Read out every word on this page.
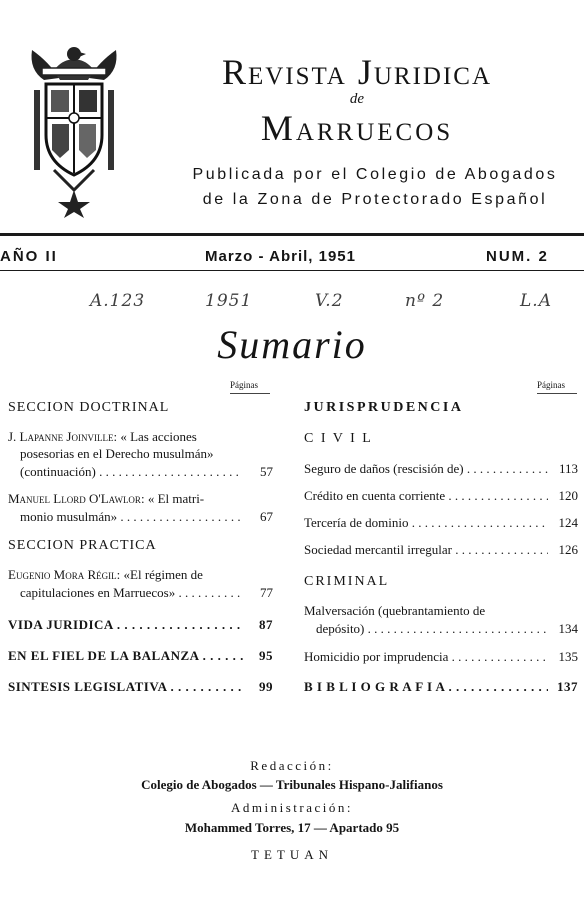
Revista Juridica
de
Marruecos
Publicada por el Colegio de Abogados
de la Zona de Protectorado Español
AÑO II	Marzo - Abril, 1951	NUM. 2
A.123	1951	V.2	nº 2	L.A
Sumario
Páginas
SECCION DOCTRINAL
J. Lapanne Joinville: « Las acciones
posesorias en el Derecho musulmán»
(continuación) . . .	57
Manuel Llord O'Lawlor: « El matri-
monio musulmán» . . .	67
SECCION PRACTICA
Eugenio Mora Régil: «El régimen de
capitulaciones en Marruecos» . . .	77
VIDA JURIDICA . . .	87
EN EL FIEL DE LA BALANZA . . .	95
SINTESIS LEGISLATIVA . . .	99
Páginas
JURISPRUDENCIA
C I V I L
Seguro de daños (rescisión de) . . .	113
Crédito en cuenta corriente . . .	120
Tercería de dominio . . .	124
Sociedad mercantil irregular . . .	126
CRIMINAL
Malversación (quebrantamiento de
depósito) . . .	134
Homicidio por imprudencia . . .	135
B I B L I O G R A F I A . . .	137
Redacción:
Colegio de Abogados — Tribunales Hispano-Jalifianos
Administración:
Mohammed Torres, 17 — Apartado 95
TETUAN
